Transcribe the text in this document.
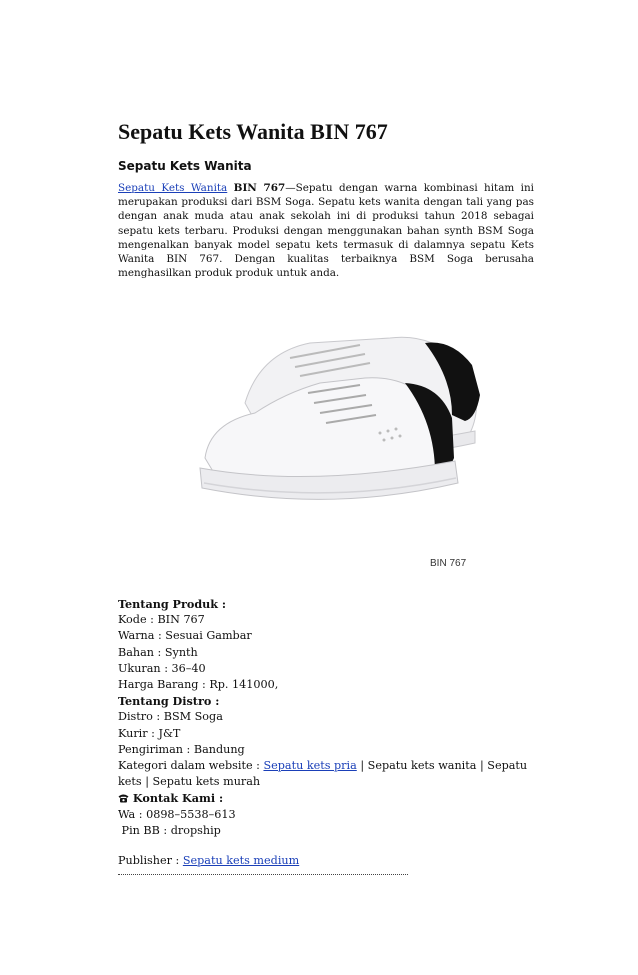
Sepatu Kets Wanita BIN 767
Sepatu Kets Wanita

Sepatu Kets Wanita BIN 767—Sepatu dengan warna kombinasi hitam ini merupakan produksi dari BSM Soga. Sepatu kets wanita dengan tali yang pas dengan anak muda atau anak sekolah ini di produksi tahun 2018 sebagai sepatu kets terbaru. Produksi dengan menggunakan bahan synth BSM Soga mengenalkan banyak model sepatu kets termasuk di dalamnya sepatu Kets Wanita BIN 767. Dengan kualitas terbaiknya BSM Soga berusaha menghasilkan produk produk untuk anda.

BIN 767
Tentang Produk :
Kode : BIN 767
Warna : Sesuai Gambar
Bahan : Synth
Ukuran : 36–40
Harga Barang : Rp. 141000,
Tentang Distro :
Distro : BSM Soga
Kurir : J&T
Pengiriman : Bandung
Kategori dalam website : Sepatu kets pria | Sepatu kets wanita | Sepatu kets | Sepatu kets murah
Kontak Kami :
Wa : 0898–5538–613
Pin BB : dropship
Publisher : Sepatu kets medium
